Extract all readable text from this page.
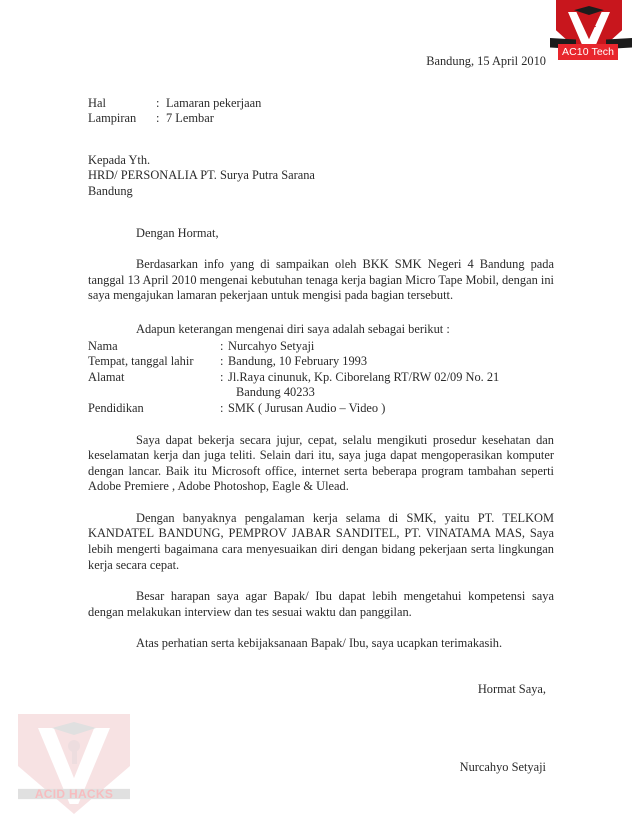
A
AC10 Tech
ACID HACKS
Bandung, 15 April 2010
Hal	: Lamaran pekerjaan
Lampiran	: 7 Lembar
Kepada Yth.
HRD/ PERSONALIA PT. Surya Putra Sarana
Bandung
Dengan Hormat,

Berdasarkan info yang di sampaikan oleh BKK SMK Negeri 4 Bandung pada tanggal 13 April 2010 mengenai kebutuhan tenaga kerja bagian Micro Tape Mobil, dengan ini saya mengajukan lamaran pekerjaan untuk mengisi pada bagian tersebutt.

Adapun keterangan mengenai diri saya adalah sebagai berikut :
Nama	: Nurcahyo Setyaji
Tempat, tanggal lahir	: Bandung, 10 February 1993
Alamat	: Jl.Raya cinunuk, Kp. Ciborelang RT/RW 02/09 No. 21
Bandung 40233
Pendidikan	: SMK ( Jurusan Audio – Video )

Saya dapat bekerja secara jujur, cepat, selalu mengikuti prosedur kesehatan dan keselamatan kerja dan juga teliti. Selain dari itu, saya juga dapat mengoperasikan komputer dengan lancar. Baik itu Microsoft office, internet serta beberapa program tambahan seperti Adobe Premiere , Adobe Photoshop, Eagle & Ulead.

Dengan banyaknya pengalaman kerja selama di SMK, yaitu PT. TELKOM KANDATEL BANDUNG, PEMPROV JABAR SANDITEL, PT. VINATAMA MAS, Saya lebih mengerti bagaimana cara menyesuaikan diri dengan bidang pekerjaan serta lingkungan kerja secara cepat.

Besar harapan saya agar Bapak/ Ibu dapat lebih mengetahui kompetensi saya dengan melakukan interview dan tes sesuai waktu dan panggilan.

Atas perhatian serta kebijaksanaan Bapak/ Ibu, saya ucapkan terimakasih.

Hormat Saya,
Nurcahyo Setyaji
